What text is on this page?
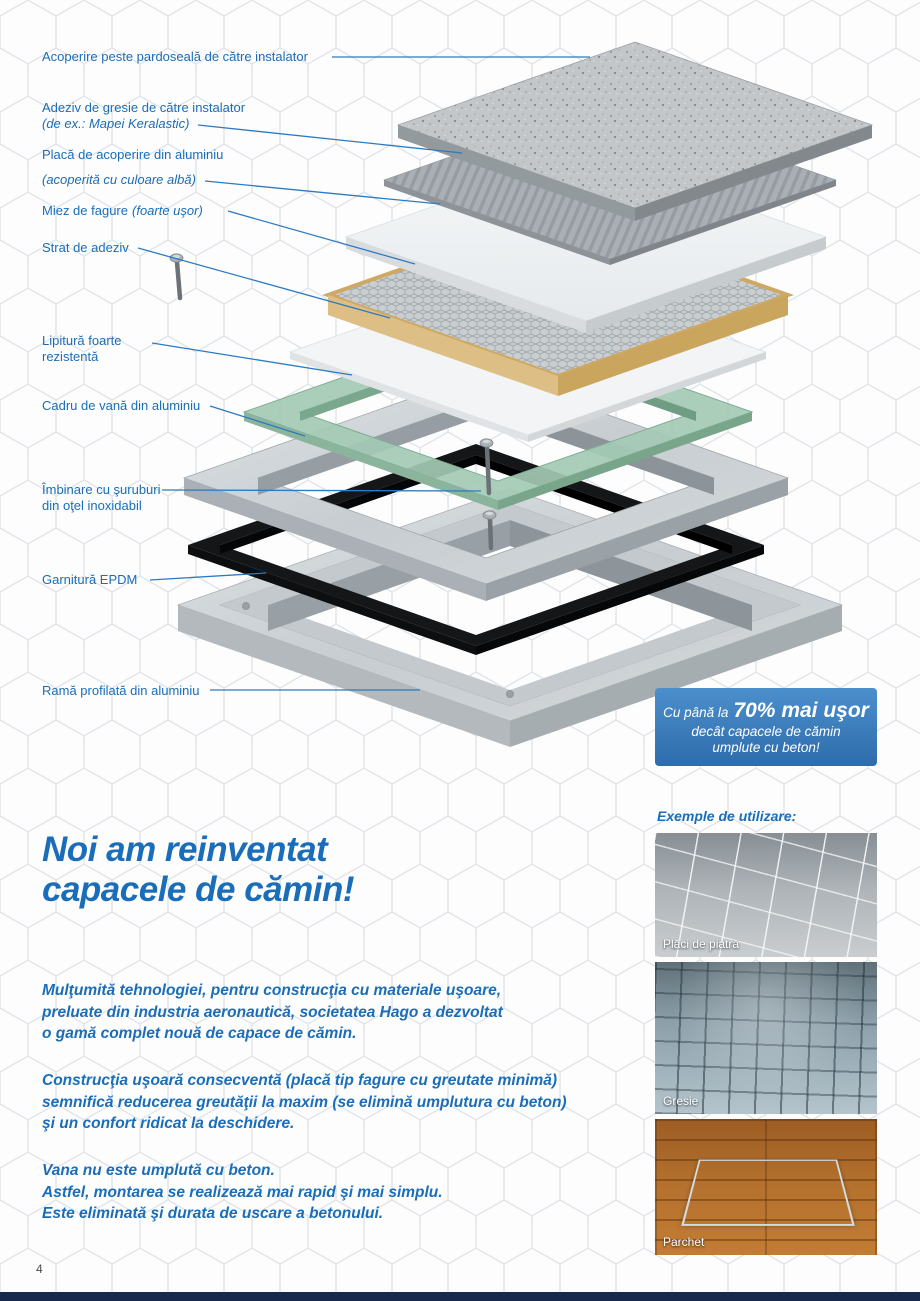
Acoperire peste pardoseală de către instalator
Adeziv de gresie de către instalator
(de ex.: Mapei Keralastic)
Placă de acoperire din aluminiu
(acoperită cu culoare albă)
Miez de fagure (foarte uşor)
Strat de adeziv

Lipitură foarte
rezistentă

Cadru de vană din aluminiu

Îmbinare cu şuruburi
din oţel inoxidabil

Garnitură EPDM
Ramă profilată din aluminiu
Cu până la 70% mai uşor
decât capacele de cămin
umplute cu beton!
Exemple de utilizare:
Plăci de piatră
Gresie
Parchet
Noi am reinventat
capacele de cămin!
Mulţumită tehnologiei, pentru construcţia cu materiale uşoare,
preluate din industria aeronautică, societatea Hago a dezvoltat
o gamă complet nouă de capace de cămin.
Construcţia uşoară consecventă (placă tip fagure cu greutate minimă)
semnifică reducerea greutăţii la maxim (se elimină umplutura cu beton)
şi un confort ridicat la deschidere.
Vana nu este umplută cu beton.
Astfel, montarea se realizează mai rapid şi mai simplu.
Este eliminată şi durata de uscare a betonului.
4
